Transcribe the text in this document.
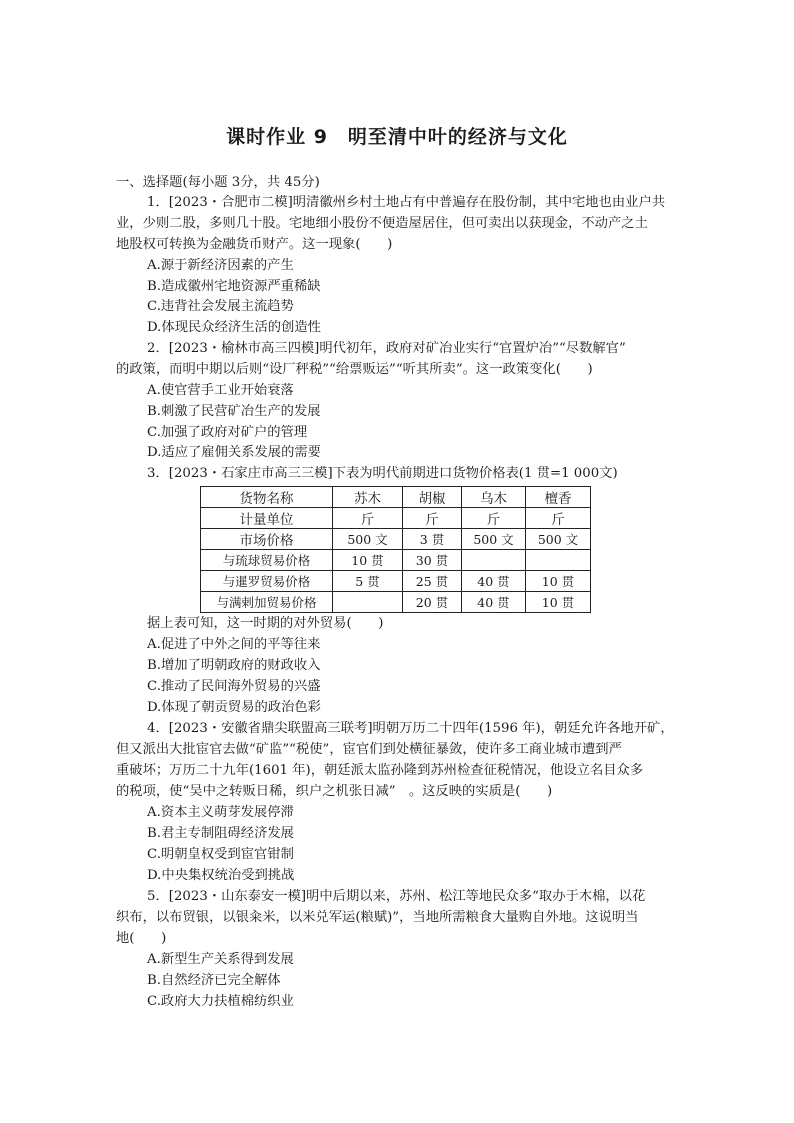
课时作业 9　明至清中叶的经济与文化
一、选择题(每小题 3分，共 45分)
1．[2023・合肥市二模]明清徽州乡村土地占有中普遍存在股份制，其中宅地也由业户共
业，少则二股，多则几十股。宅地细小股份不便造屋居住，但可卖出以获现金，不动产之土
地股权可转换为金融货币财产。这一现象(　　)
A.源于新经济因素的产生
B.造成徽州宅地资源严重稀缺
C.违背社会发展主流趋势
D.体现民众经济生活的创造性
2．[2023・榆林市高三四模]明代初年，政府对矿冶业实行“官置炉冶”“尽数解官”
的政策，而明中期以后则“设厂秤税”“给票贩运”“听其所卖”。这一政策变化(　　)
A.使官营手工业开始衰落
B.刺激了民营矿冶生产的发展
C.加强了政府对矿户的管理
D.适应了雇佣关系发展的需要
3．[2023・石家庄市高三三模]下表为明代前期进口货物价格表(1 贯=1 000文)
货物名称	苏木	胡椒	乌木	檀香
计量单位	斤	斤	斤	斤
市场价格	500 文	3 贯	500 文	500 文
与琉球贸易价格	10 贯	30 贯		
与暹罗贸易价格	5 贯	25 贯	40 贯	10 贯
与满剌加贸易价格		20 贯	40 贯	10 贯
据上表可知，这一时期的对外贸易(　　)
A.促进了中外之间的平等往来
B.增加了明朝政府的财政收入
C.推动了民间海外贸易的兴盛
D.体现了朝贡贸易的政治色彩
4．[2023・安徽省鼎尖联盟高三联考]明朝万历二十四年(1596 年)，朝廷允许各地开矿，
但又派出大批宦官去做“矿监”“税使”，宦官们到处横征暴敛，使许多工商业城市遭到严
重破坏；万历二十九年(1601 年)，朝廷派太监孙隆到苏州检查征税情况，他设立名目众多
的税项，使“吴中之转贩日稀，织户之机张日减”　。这反映的实质是(　　)
A.资本主义萌芽发展停滞
B.君主专制阻碍经济发展
C.明朝皇权受到宦官钳制
D.中央集权统治受到挑战
5．[2023・山东泰安一模]明中后期以来，苏州、松江等地民众多“取办于木棉，以花
织布，以布贸银，以银籴米，以米兑军运(粮赋)”，当地所需粮食大量购自外地。这说明当
地(　　)
A.新型生产关系得到发展
B.自然经济已完全解体
C.政府大力扶植棉纺织业
